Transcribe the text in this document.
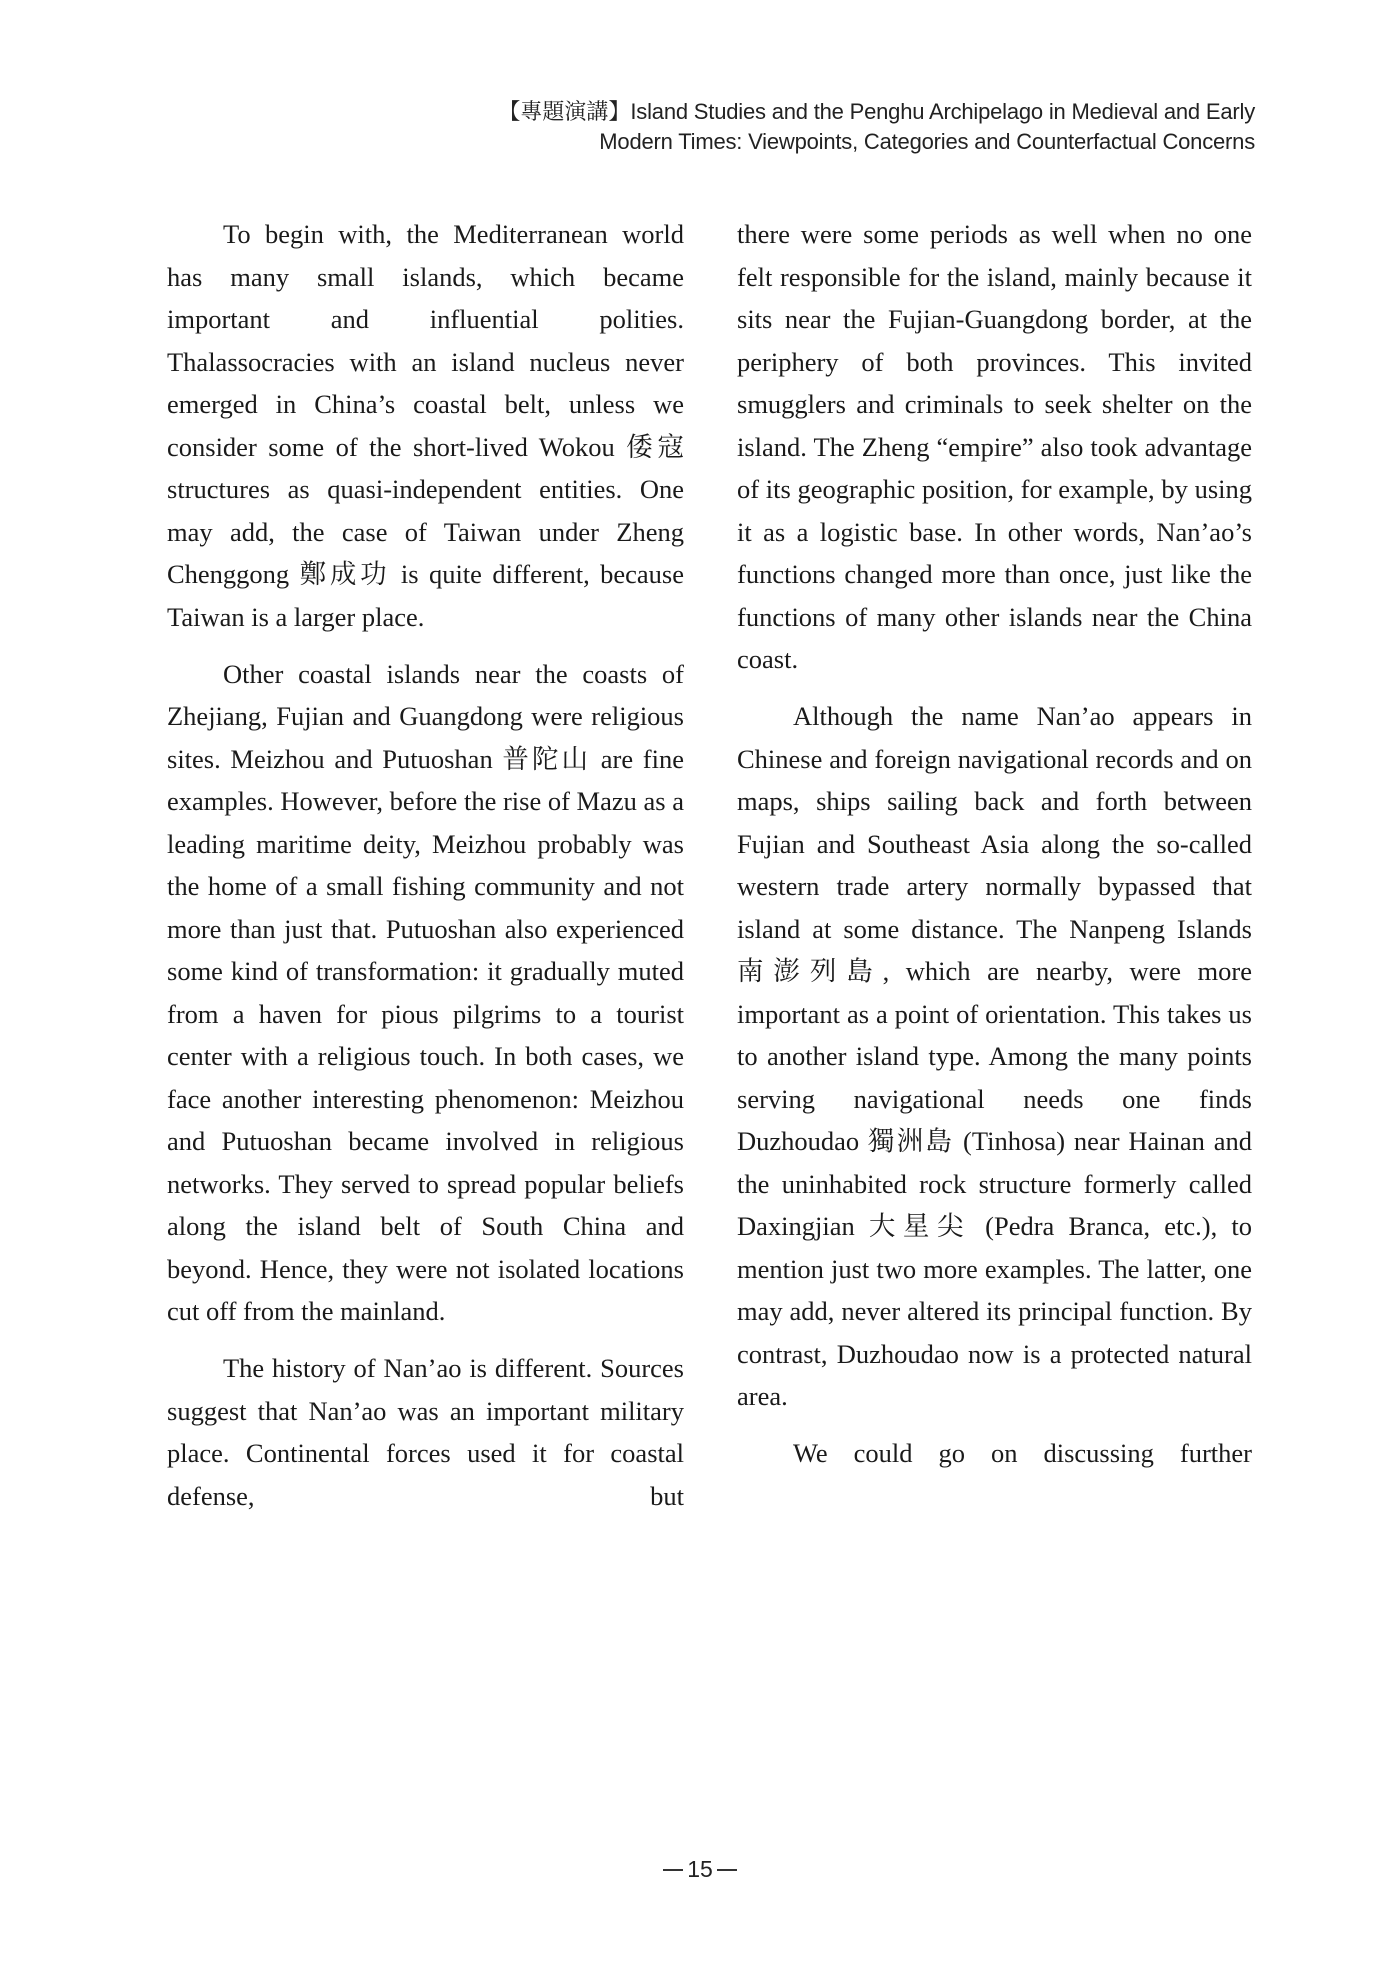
【專題演講】Island Studies and the Penghu Archipelago in Medieval and Early
Modern Times: Viewpoints, Categories and Counterfactual Concerns

To begin with, the Mediterranean world has many small islands, which became important and influential polities. Thalassocracies with an island nucleus never emerged in China’s coastal belt, unless we consider some of the short-lived Wokou 倭寇 structures as quasi-independent entities. One may add, the case of Taiwan under Zheng Chenggong 鄭成功 is quite different, because Taiwan is a larger place.

Other coastal islands near the coasts of Zhejiang, Fujian and Guangdong were religious sites. Meizhou and Putuoshan 普陀山 are fine examples. However, before the rise of Mazu as a leading maritime deity, Meizhou probably was the home of a small fishing community and not more than just that. Putuoshan also experienced some kind of transformation: it gradually muted from a haven for pious pilgrims to a tourist center with a religious touch. In both cases, we face another interesting phenomenon: Meizhou and Putuoshan became involved in religious networks. They served to spread popular beliefs along the island belt of South China and beyond. Hence, they were not isolated locations cut off from the mainland.

The history of Nan’ao is different. Sources suggest that Nan’ao was an important military place. Continental forces used it for coastal defense, but

there were some periods as well when no one felt responsible for the island, mainly because it sits near the Fujian-Guangdong border, at the periphery of both provinces. This invited smugglers and criminals to seek shelter on the island. The Zheng “empire” also took advantage of its geographic position, for example, by using it as a logistic base. In other words, Nan’ao’s functions changed more than once, just like the functions of many other islands near the China coast.

Although the name Nan’ao appears in Chinese and foreign navigational records and on maps, ships sailing back and forth between Fujian and Southeast Asia along the so-called western trade artery normally bypassed that island at some distance. The Nanpeng Islands 南澎列島, which are nearby, were more important as a point of orientation. This takes us to another island type. Among the many points serving navigational needs one finds Duzhoudao 獨洲島 (Tinhosa) near Hainan and the uninhabited rock structure formerly called Daxingjian 大星尖 (Pedra Branca, etc.), to mention just two more examples. The latter, one may add, never altered its principal function. By contrast, Duzhoudao now is a protected natural area.

We could go on discussing further

15
